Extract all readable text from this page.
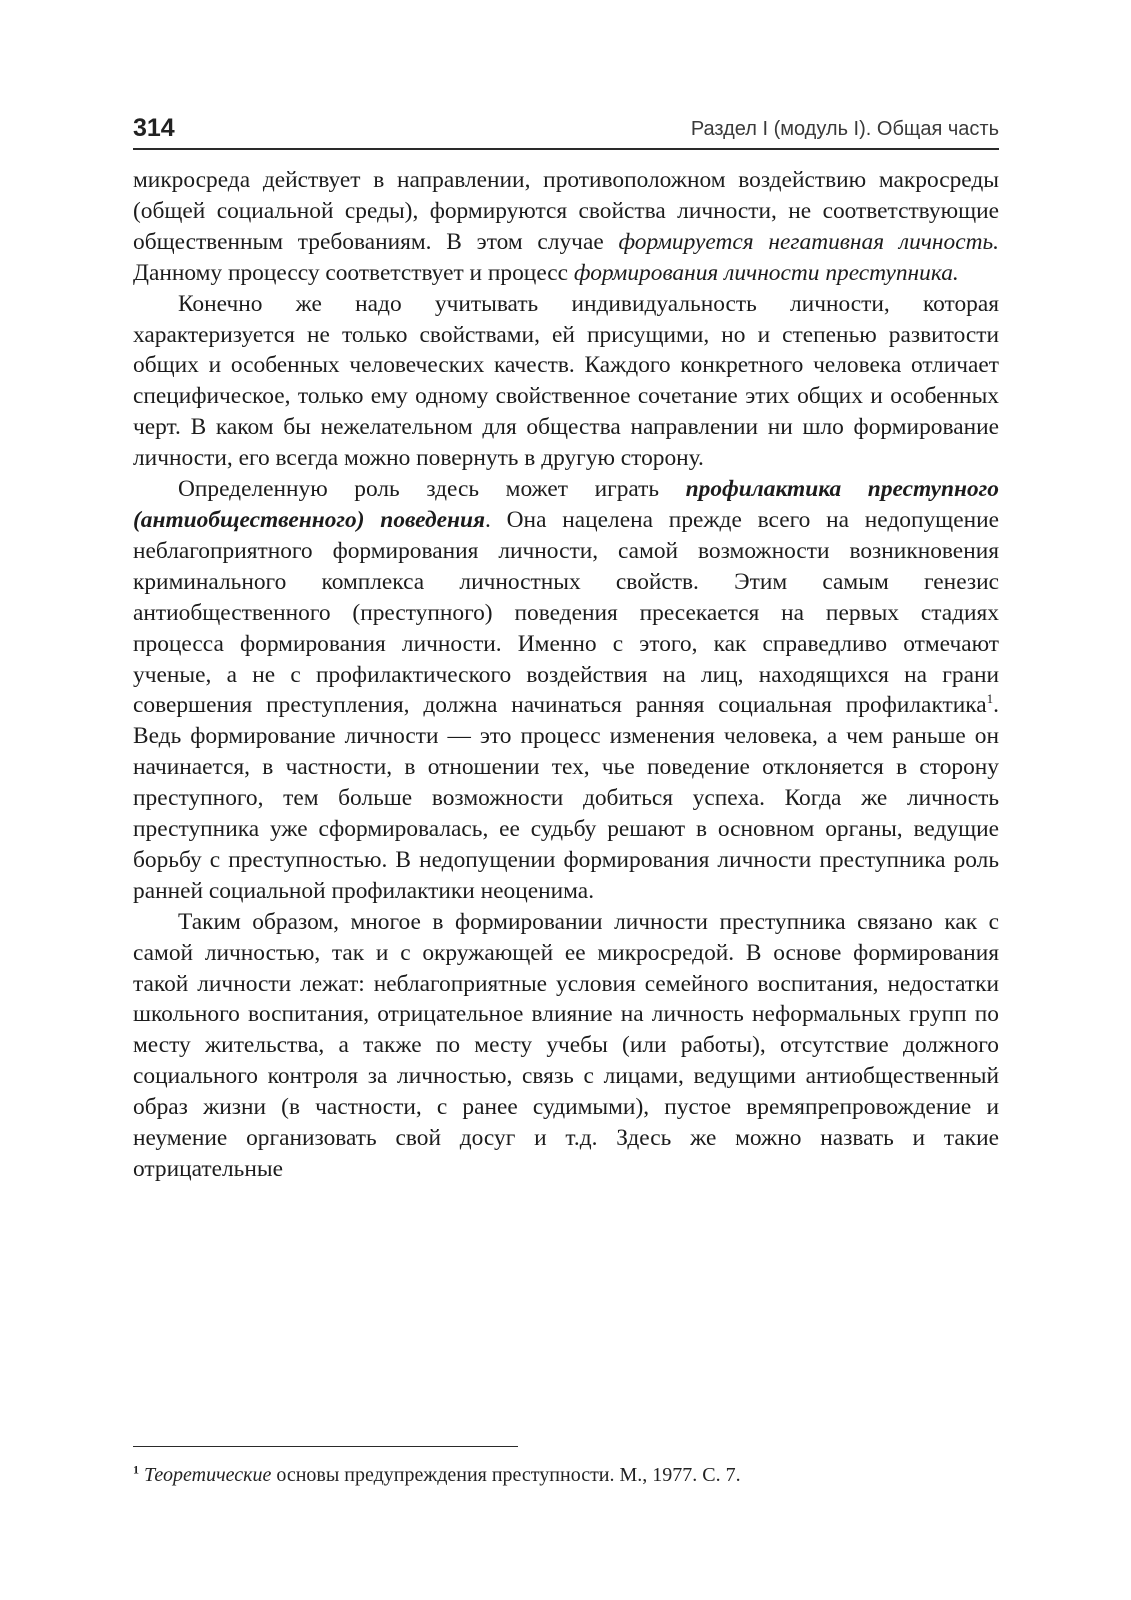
314	Раздел I (модуль I). Общая часть

микросреда действует в направлении, противоположном воздействию макросреды (общей социальной среды), формируются свойства личности, не соответствующие общественным требованиям. В этом случае формируется негативная личность. Данному процессу соответствует и процесс формирования личности преступника.

Конечно же надо учитывать индивидуальность личности, которая характеризуется не только свойствами, ей присущими, но и степенью развитости общих и особенных человеческих качеств. Каждого конкретного человека отличает специфическое, только ему одному свойственное сочетание этих общих и особенных черт. В каком бы нежелательном для общества направлении ни шло формирование личности, его всегда можно повернуть в другую сторону.

Определенную роль здесь может играть профилактика преступного (антиобщественного) поведения. Она нацелена прежде всего на недопущение неблагоприятного формирования личности, самой возможности возникновения криминального комплекса личностных свойств. Этим самым генезис антиобщественного (преступного) поведения пресекается на первых стадиях процесса формирования личности. Именно с этого, как справедливо отмечают ученые, а не с профилактического воздействия на лиц, находящихся на грани совершения преступления, должна начинаться ранняя социальная профилактика$^1$. Ведь формирование личности — это процесс изменения человека, а чем раньше он начинается, в частности, в отношении тех, чье поведение отклоняется в сторону преступного, тем больше возможности добиться успеха. Когда же личность преступника уже сформировалась, ее судьбу решают в основном органы, ведущие борьбу с преступностью. В недопущении формирования личности преступника роль ранней социальной профилактики неоценима.

Таким образом, многое в формировании личности преступника связано как с самой личностью, так и с окружающей ее микросредой. В основе формирования такой личности лежат: неблагоприятные условия семейного воспитания, недостатки школьного воспитания, отрицательное влияние на личность неформальных групп по месту жительства, а также по месту учебы (или работы), отсутствие должного социального контроля за личностью, связь с лицами, ведущими антиобщественный образ жизни (в частности, с ранее судимыми), пустое времяпрепровождение и неумение организовать свой досуг и т.д. Здесь же можно назвать и такие отрицательные

$^1$ Теоретические основы предупреждения преступности. М., 1977. С. 7.
